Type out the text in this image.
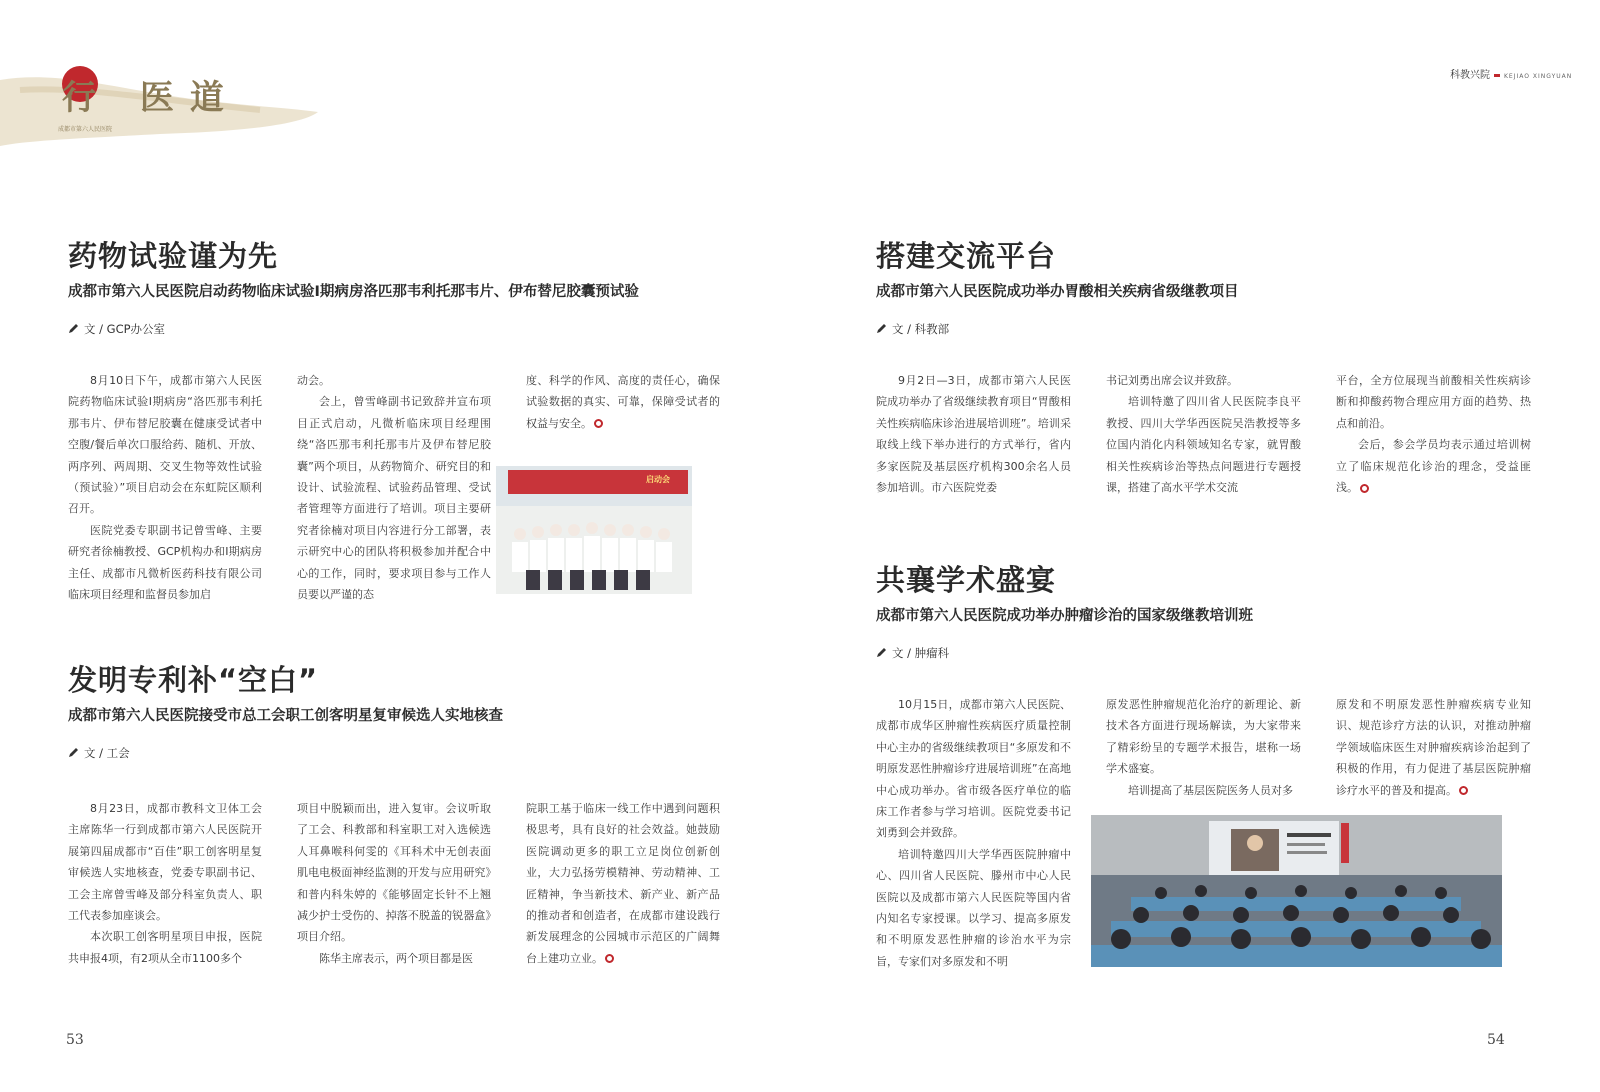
行 医道
成都市第六人民医院
科教兴院 KEJIAO XINGYUAN
药物试验谨为先
成都市第六人民医院启动药物临床试验I期病房洛匹那韦利托那韦片、伊布替尼胶囊预试验
文 / GCP办公室

8月10日下午，成都市第六人民医院药物临床试验I期病房“洛匹那韦利托那韦片、伊布替尼胶囊在健康受试者中空腹/餐后单次口服给药、随机、开放、两序列、两周期、交叉生物等效性试验（预试验）”项目启动会在东虹院区顺利召开。

医院党委专职副书记曾雪峰、主要研究者徐楠教授、GCP机构办和I期病房主任、成都市凡微析医药科技有限公司临床项目经理和监督员参加启

动会。

会上，曾雪峰副书记致辞并宣布项目正式启动，凡微析临床项目经理围绕“洛匹那韦利托那韦片及伊布替尼胶囊”两个项目，从药物简介、研究目的和设计、试验流程、试验药品管理、受试者管理等方面进行了培训。项目主要研究者徐楠对项目内容进行分工部署，表示研究中心的团队将积极参加并配合中心的工作，同时，要求项目参与工作人员要以严谨的态

度、科学的作风、高度的责任心，确保试验数据的真实、可靠，保障受试者的权益与安全。

启动会
发明专利补“空白”
成都市第六人民医院接受市总工会职工创客明星复审候选人实地核查
文 / 工会

8月23日，成都市教科文卫体工会主席陈华一行到成都市第六人民医院开展第四届成都市“百佳”职工创客明星复审候选人实地核查，党委专职副书记、工会主席曾雪峰及部分科室负责人、职工代表参加座谈会。

本次职工创客明星项目申报，医院共申报4项，有2项从全市1100多个

项目中脱颖而出，进入复审。会议听取了工会、科教部和科室职工对入选候选人耳鼻喉科何雯的《耳科术中无创表面肌电电极面神经监测的开发与应用研究》和普内科朱婷的《能够固定长针不上翘减少护士受伤的、掉落不脱盖的锐器盒》项目介绍。

陈华主席表示，两个项目都是医

院职工基于临床一线工作中遇到问题积极思考，具有良好的社会效益。她鼓励医院调动更多的职工立足岗位创新创业，大力弘扬劳模精神、劳动精神、工匠精神，争当新技术、新产业、新产品的推动者和创造者，在成都市建设践行新发展理念的公园城市示范区的广阔舞台上建功立业。

搭建交流平台
成都市第六人民医院成功举办胃酸相关疾病省级继教项目
文 / 科教部

9月2日—3日，成都市第六人民医院成功举办了省级继续教育项目“胃酸相关性疾病临床诊治进展培训班”。培训采取线上线下举办进行的方式举行，省内多家医院及基层医疗机构300余名人员参加培训。市六医院党委

书记刘勇出席会议并致辞。

培训特邀了四川省人民医院李良平教授、四川大学华西医院吴浩教授等多位国内消化内科领域知名专家，就胃酸相关性疾病诊治等热点问题进行专题授课，搭建了高水平学术交流

平台，全方位展现当前酸相关性疾病诊断和抑酸药物合理应用方面的趋势、热点和前沿。

会后，参会学员均表示通过培训树立了临床规范化诊治的理念，受益匪浅。

共襄学术盛宴
成都市第六人民医院成功举办肿瘤诊治的国家级继教培训班
文 / 肿瘤科

10月15日，成都市第六人民医院、成都市成华区肿瘤性疾病医疗质量控制中心主办的省级继续教项目“多原发和不明原发恶性肿瘤诊疗进展培训班”在高地中心成功举办。省市级各医疗单位的临床工作者参与学习培训。医院党委书记刘勇到会并致辞。

培训特邀四川大学华西医院肿瘤中心、四川省人民医院、滕州市中心人民医院以及成都市第六人民医院等国内省内知名专家授课。以学习、提高多原发和不明原发恶性肿瘤的诊治水平为宗旨，专家们对多原发和不明

原发恶性肿瘤规范化治疗的新理论、新技术各方面进行现场解读，为大家带来了精彩纷呈的专题学术报告，堪称一场学术盛宴。

培训提高了基层医院医务人员对多

原发和不明原发恶性肿瘤疾病专业知识、规范诊疗方法的认识，对推动肿瘤学领域临床医生对肿瘤疾病诊治起到了积极的作用，有力促进了基层医院肿瘤诊疗水平的普及和提高。

53	54
